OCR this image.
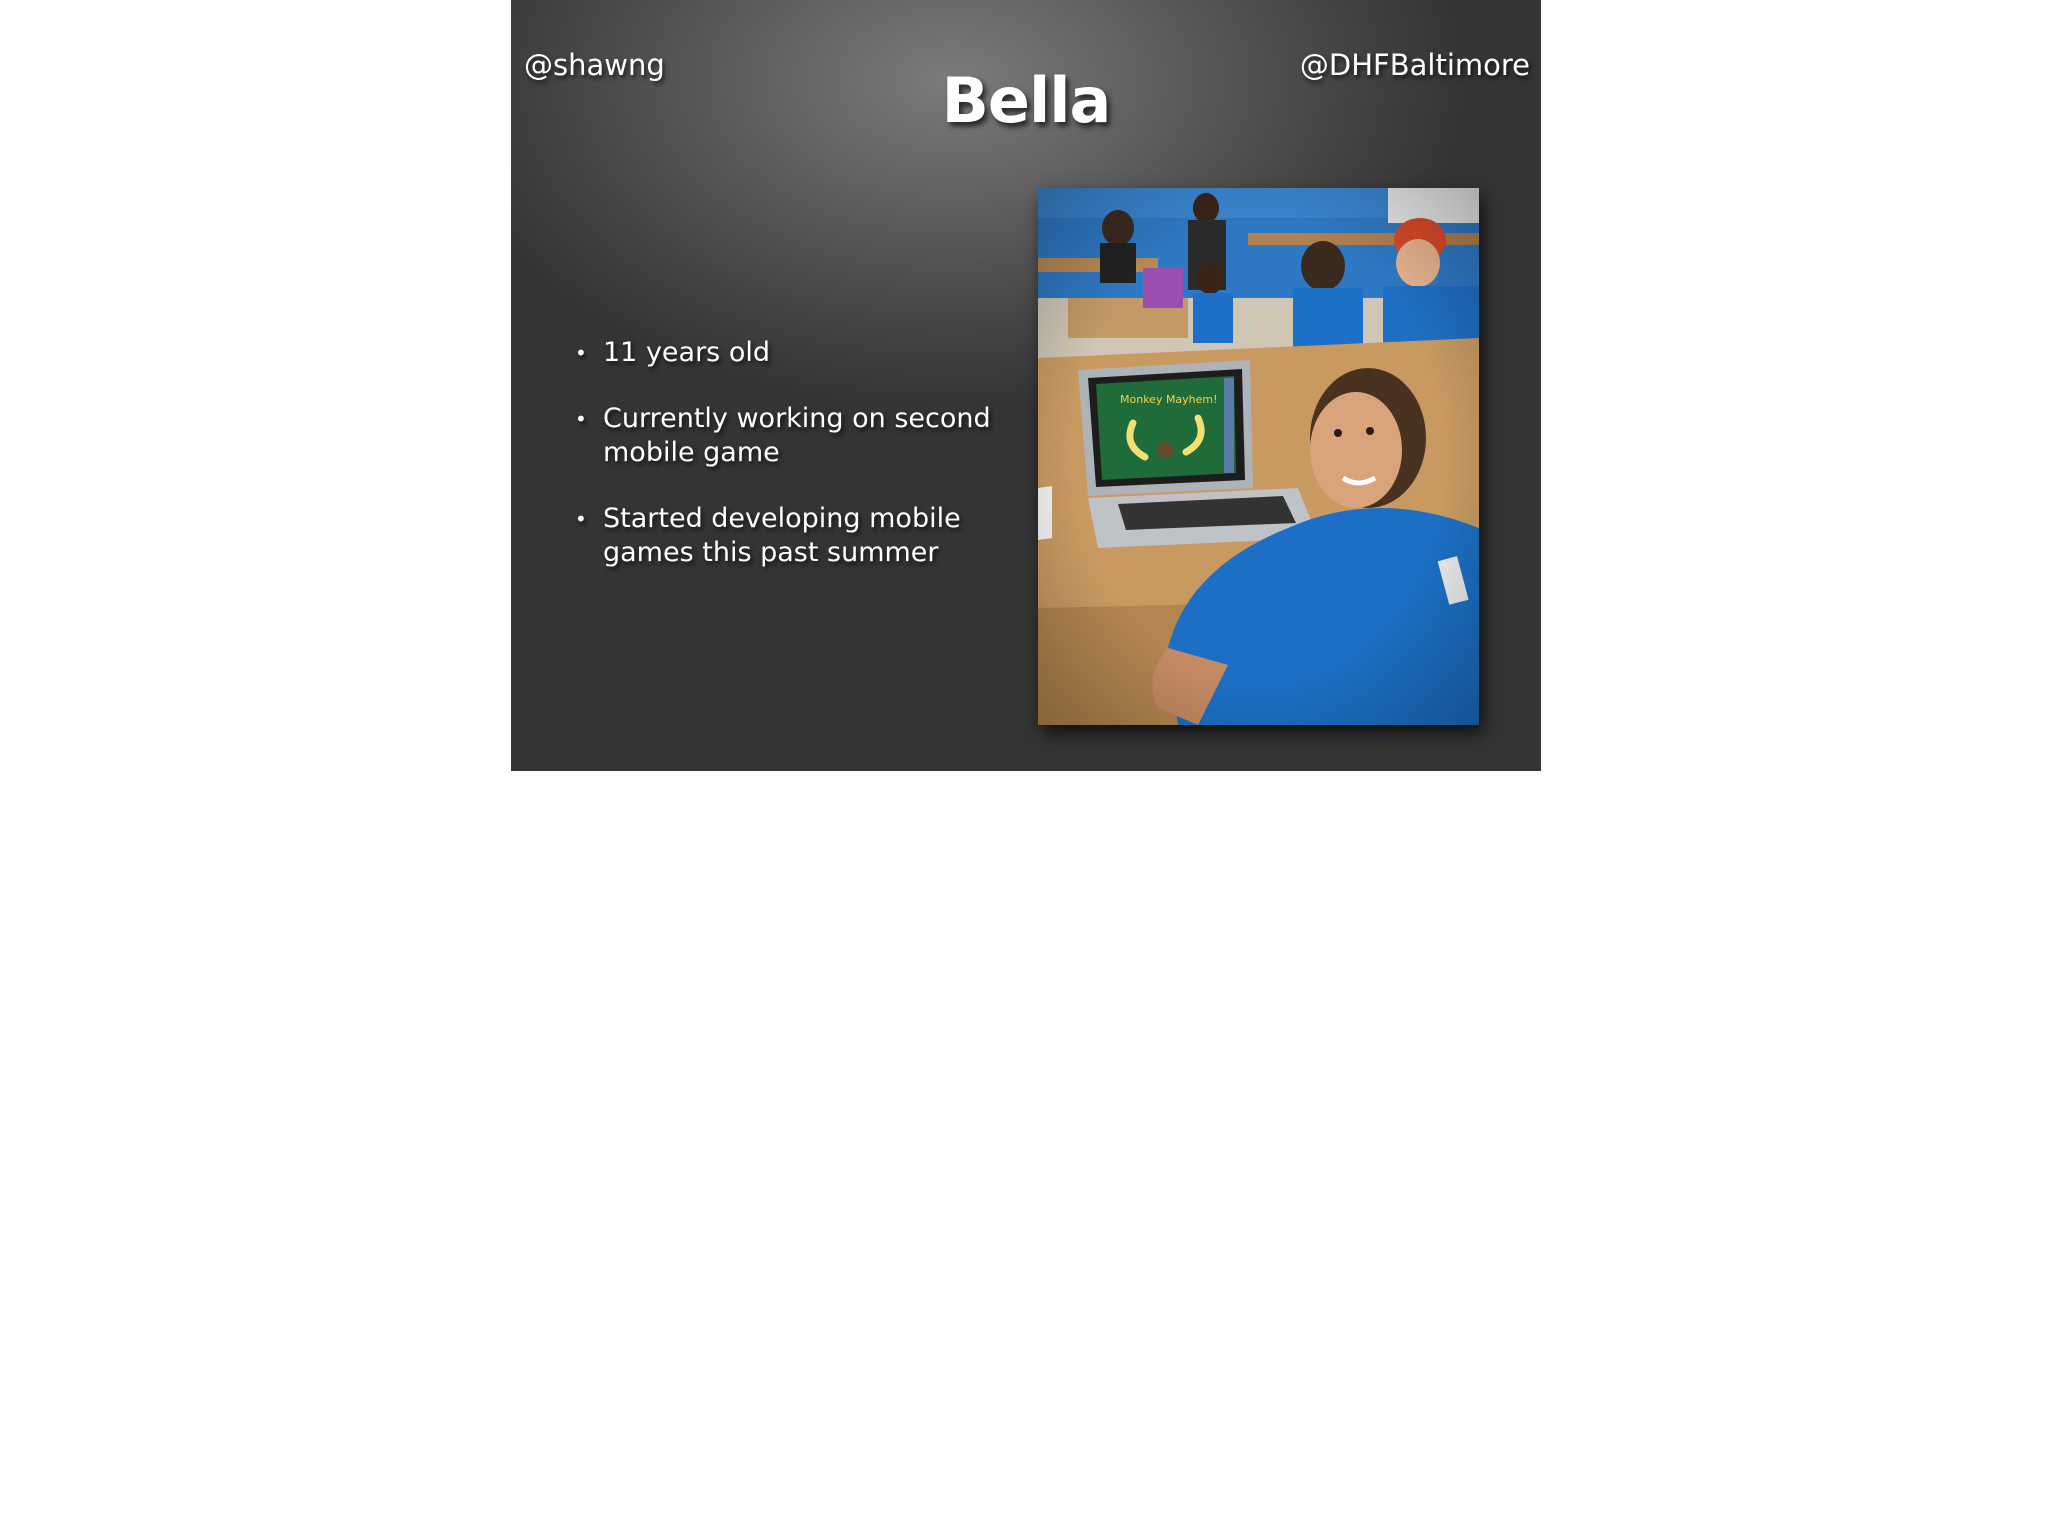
@shawng	@DHFBaltimore
Bella
• 11 years old
• Currently working on second mobile game
• Started developing mobile games this past summer
Monkey Mayhem!
